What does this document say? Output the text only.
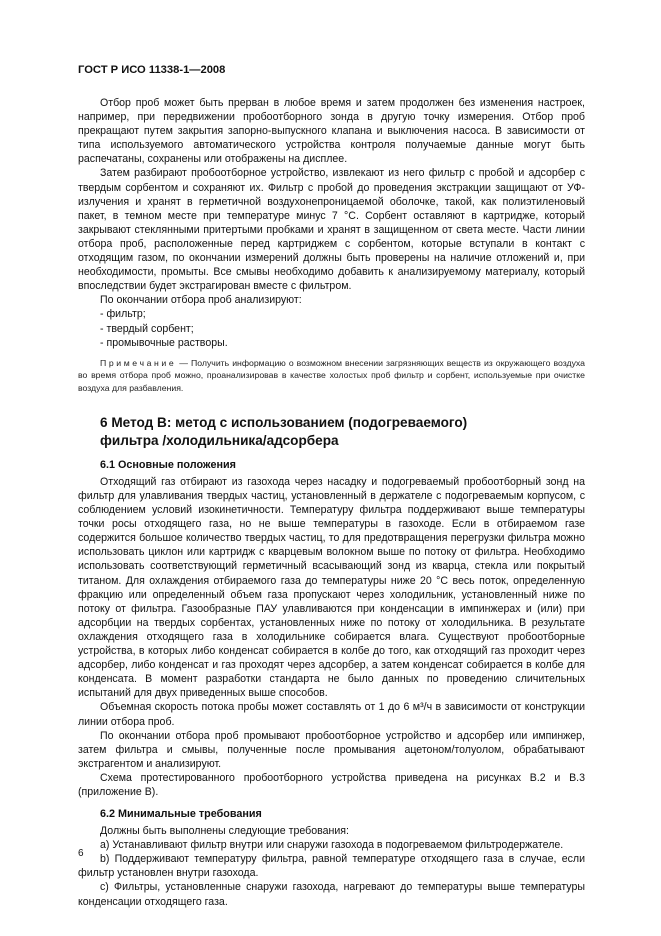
ГОСТ Р ИСО 11338-1—2008

Отбор проб может быть прерван в любое время и затем продолжен без изменения настроек, например, при передвижении пробоотборного зонда в другую точку измерения. Отбор проб прекращают путем закрытия запорно-выпускного клапана и выключения насоса. В зависимости от типа используемого автоматического устройства контроля получаемые данные могут быть распечатаны, сохранены или отображены на дисплее.

Затем разбирают пробоотборное устройство, извлекают из него фильтр с пробой и адсорбер с твердым сорбентом и сохраняют их. Фильтр с пробой до проведения экстракции защищают от УФ-излучения и хранят в герметичной воздухонепроницаемой оболочке, такой, как полиэтиленовый пакет, в темном месте при температуре минус 7 °С. Сорбент оставляют в картридже, который закрывают стеклянными притертыми пробками и хранят в защищенном от света месте. Части линии отбора проб, расположенные перед картриджем с сорбентом, которые вступали в контакт с отходящим газом, по окончании измерений должны быть проверены на наличие отложений и, при необходимости, промыты. Все смывы необходимо добавить к анализируемому материалу, который впоследствии будет экстрагирован вместе с фильтром.

По окончании отбора проб анализируют:

- фильтр;

- твердый сорбент;

- промывочные растворы.

Примечание — Получить информацию о возможном внесении загрязняющих веществ из окружающего воздуха во время отбора проб можно, проанализировав в качестве холостых проб фильтр и сорбент, используемые при очистке воздуха для разбавления.

6 Метод В: метод с использованием (подогреваемого)
фильтра /холодильника/адсорбера
6.1 Основные положения

Отходящий газ отбирают из газохода через насадку и подогреваемый пробоотборный зонд на фильтр для улавливания твердых частиц, установленный в держателе с подогреваемым корпусом, с соблюдением условий изокинетичности. Температуру фильтра поддерживают выше температуры точки росы отходящего газа, но не выше температуры в газоходе. Если в отбираемом газе содержится большое количество твердых частиц, то для предотвращения перегрузки фильтра можно использовать циклон или картридж с кварцевым волокном выше по потоку от фильтра. Необходимо использовать соответствующий герметичный всасывающий зонд из кварца, стекла или покрытый титаном. Для охлаждения отбираемого газа до температуры ниже 20 °С весь поток, определенную фракцию или определенный объем газа пропускают через холодильник, установленный ниже по потоку от фильтра. Газообразные ПАУ улавливаются при конденсации в импинжерах и (или) при адсорбции на твердых сорбентах, установленных ниже по потоку от холодильника. В результате охлаждения отходящего газа в холодильнике собирается влага. Существуют пробоотборные устройства, в которых либо конденсат собирается в колбе до того, как отходящий газ проходит через адсорбер, либо конденсат и газ проходят через адсорбер, а затем конденсат собирается в колбе для конденсата. В момент разработки стандарта не было данных по проведению сличительных испытаний для двух приведенных выше способов.

Объемная скорость потока пробы может составлять от 1 до 6 м³/ч в зависимости от конструкции линии отбора проб.

По окончании отбора проб промывают пробоотборное устройство и адсорбер или импинжер, затем фильтра и смывы, полученные после промывания ацетоном/толуолом, обрабатывают экстрагентом и анализируют.

Схема протестированного пробоотборного устройства приведена на рисунках В.2 и В.3 (приложение В).

6.2 Минимальные требования

Должны быть выполнены следующие требования:

а) Устанавливают фильтр внутри или снаружи газохода в подогреваемом фильтродержателе.

b) Поддерживают температуру фильтра, равной температуре отходящего газа в случае, если фильтр установлен внутри газохода.

c) Фильтры, установленные снаружи газохода, нагревают до температуры выше температуры конденсации отходящего газа.

6
